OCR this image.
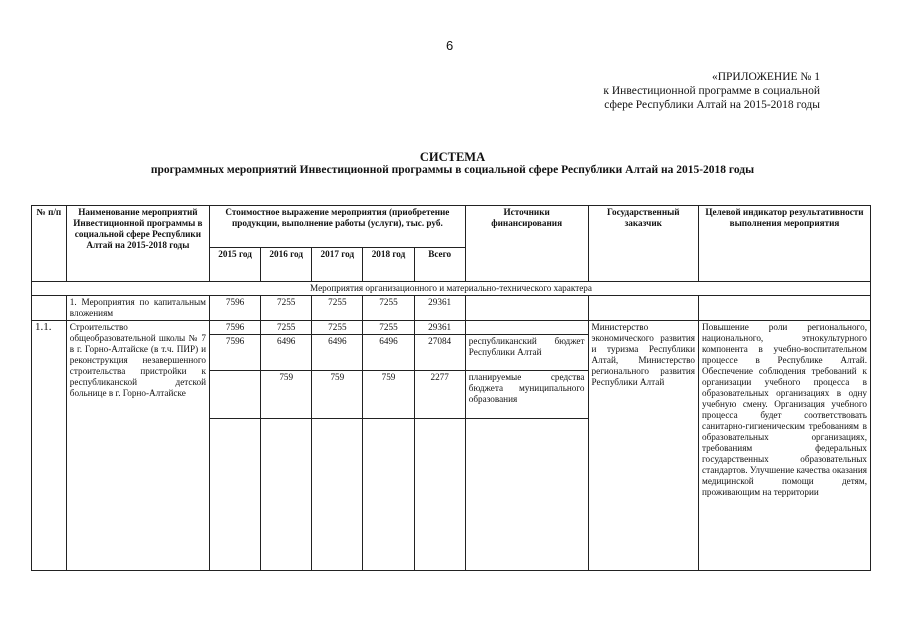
6
«ПРИЛОЖЕНИЕ № 1
к Инвестиционной программе в социальной
сфере Республики Алтай на 2015-2018 годы
СИСТЕМА
программных мероприятий Инвестиционной программы в социальной сфере Республики Алтай на 2015-2018 годы
№ п/п	Наименование мероприятий Инвестиционной программы в социальной сфере Республики Алтай на 2015-2018 годы	Стоимостное выражение мероприятия (приобретение продукции, выполнение работы (услуги), тыс. руб.					Источники финансирования	Государственный заказчик	Целевой индикатор результативности выполнения мероприятия
		2015 год	2016 год	2017 год	2018 год	Всего			
Мероприятия организационного и материально-технического характера									
	1. Мероприятия по капитальным вложениям	7596	7255	7255	7255	29361			
1.1.	Строительство общеобразовательной школы № 7 в г. Горно-Алтайске (в т.ч. ПИР) и реконструкция незавершенного строительства пристройки к республиканской детской больнице в г. Горно-Алтайске	7596	7255	7255	7255	29361		Министерство экономического развития и туризма Республики Алтай, Министерство регионального развития Республики Алтай	Повышение роли регионального, национального, этнокультурного компонента в учебно-воспитательном процессе в Республике Алтай. Обеспечение соблюдения требований к организации учебного процесса в образовательных организациях в одну учебную смену. Организация учебного процесса будет соответствовать санитарно-гигиеническим требованиям в образовательных организациях, требованиям федеральных государственных образовательных стандартов. Улучшение качества оказания медицинской помощи детям, проживающим на территории
		7596	6496	6496	6496	27084	республиканский бюджет Республики Алтай		
			759	759	759	2277	планируемые средства бюджета муниципального образования		
